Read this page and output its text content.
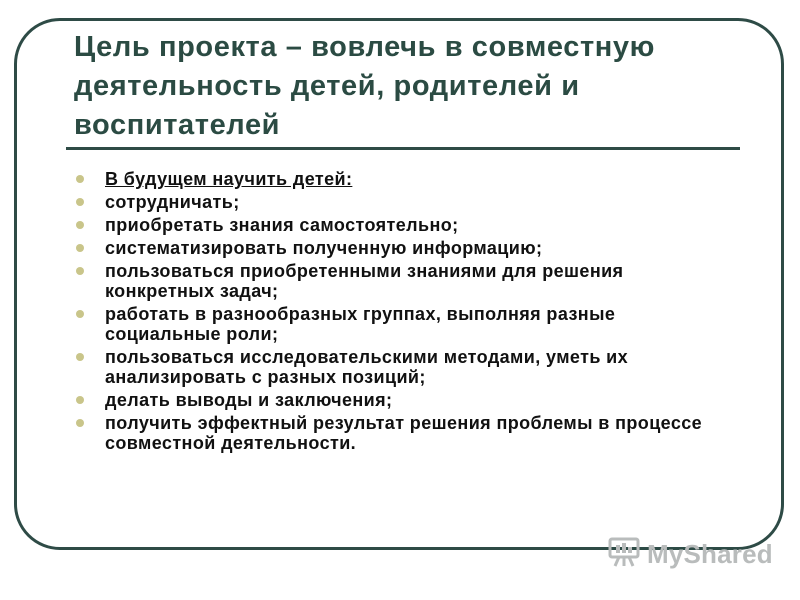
Цель проекта – вовлечь в совместную деятельность детей, родителей и воспитателей
В будущем научить детей:
сотрудничать;
приобретать знания самостоятельно;
систематизировать полученную информацию;
пользоваться приобретенными знаниями для решения конкретных задач;
работать в разнообразных группах, выполняя разные социальные роли;
пользоваться исследовательскими методами, уметь их анализировать с разных позиций;
делать выводы и заключения;
получить эффектный результат решения проблемы в процессе совместной деятельности.
MyShared
